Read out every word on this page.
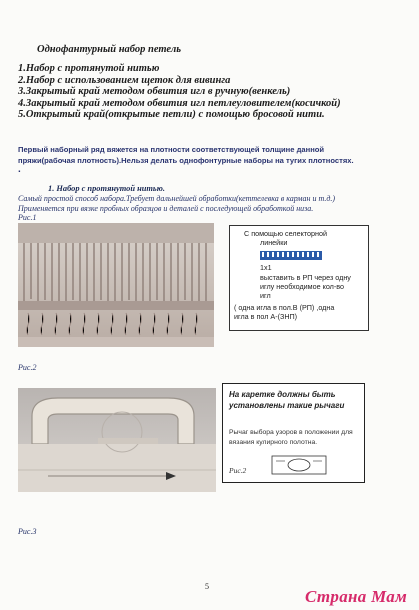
Однофантурный набор петель
1.Набор с протянутой нитью
2.Набор с использованием щеток для вивинга
3.Закрытый край методом обвития игл в ручную(венкель)
4.Закрытый край методом обвития игл петлеуловителем(косичкой)
5.Открытый край(открытые петли) с помощью бросовой нити.
Первый наборный ряд вяжется на плотности соответствующей толщине данной
пряжи(рабочая плотность).Нельзя делать однофонтурные наборы на тугих плотностях.
.
1. Набор с протянутой нитью.
Самый простой способ набора.Требует дальнейшей обработки(кеттелевка в карман и т.д.)
Применяется при вязке пробных образцов и деталей с последующей обработкой низа.
Рис.1
С помощью селекторной
линейки
1x1
выставить в РП через одну
иглу необходимое кол-во
игл
( одна игла в пол.В (РП) ,одна
игла в пол А-(ЗНП)
Рис.2
На каретке должны быть
установлены такие рычаги
Рычаг выбора узоров в положении для
вязания кулирного полотна.
Рис.2
Рис.3
5
Страна Мам
